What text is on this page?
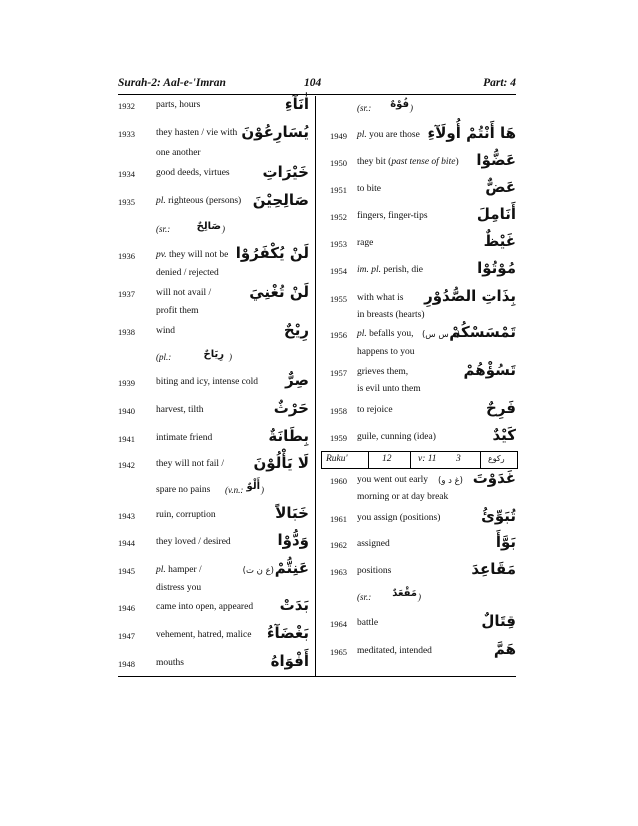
Surah-2: Aal-e-'Imran	104	Part: 4
1932 parts, hours	اٰنَآءِ
1933 they hasten / vie with
one another
يُسَارِعُوْنَ
1934 good deeds, virtues خَيْرَاتِ
1935 pl. righteous (persons) صَالِحِيْنَ
(sr.:	صَالِحٌ )
1936 pv. they will not be
denied / rejected
لَنْ يُكْفَرُوْا
1937 will not avail /
profit them
لَنْ تُغْنِيَ
1938 wind	رِيْحٌ
(pl.:	رِيَاحٌ )
1939 biting and icy, intense cold صِرٌّ
1940 harvest, tilth	حَرْثٌ
1941 intimate friend	بِطَانَةٌ
1942 they will not fail / لَا يَأْلُوْنَ
spare no pains (v.n.: أَلْوٌ )
1943 ruin, corruption	خَبَالاً
1944 they loved / desired	وَدُّوْا
1945 pl. hamper /	(ع ن ت) عَنِتُّمْ
distress you
1946 came into open, appeared بَدَتْ
1947 vehement, hatred, malice بَغْضَآءُ
1948 mouths	أَفْوَاهُ
(sr.: فُوْهٌ )
1949 pl. you are those هَا أَنْتُمْ أُولَآءِ
1950 they bit (past tense of bite) عَضُّوْا
1951 to bite	عَضٌّ
1952 fingers, finger-tips	أَنَامِلَ
1953 rage	غَيْظٌ
1954 im. pl. perish, die	مُوْتُوْا
1955 with what is
in breasts (hearts)
بِذَاتِ الصُّدُوْرِ
1956 pl. befalls you, (م س س)
تَمْسَسْكُمْ
happens to you
1957 grieves them,
is evil unto them
تَسُؤْهُمْ
1958 to rejoice	فَرِحٌ
1959 guile, cunning (idea)	كَيْدٌ
Ruku'	12	v: 11 3	رکوع
1960 you went out early (غ د و) غَدَوْتَ
morning or at day break
1961 you assign (positions)	تُبَوِّئُ
1962 assigned	بَوَّأَ
1963 positions	مَقَاعِدَ
(sr.: مَقْعَدٌ )
1964 battle	قِتَالٌ
1965 meditated, intended	هَمَّ
